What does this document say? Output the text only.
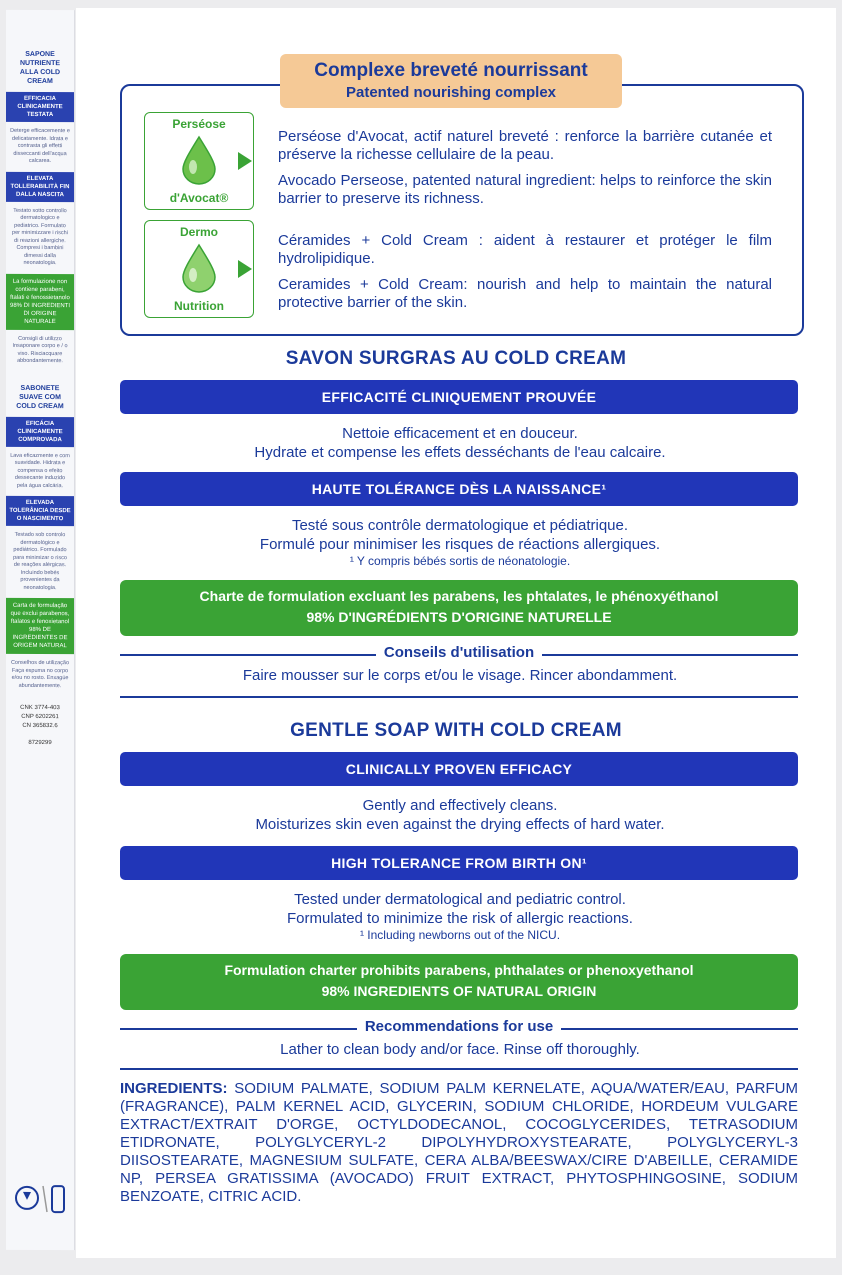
SAPONE NUTRIENTE ALLA COLD CREAM
EFFICACIA CLINICAMENTE TESTATA
Deterge efficacemente e delicatamente. Idrata e contrasta gli effetti disseccanti dell'acqua calcarea.
ELEVATA TOLLERABILITÀ FIN DALLA NASCITA
Testato sotto controllo dermatologico e pediatrico. Formulato per minimizzare i rischi di reazioni allergiche. Compresi i bambini dimessi dalla neonatologia.
La formulazione non contiene parabeni, ftalati e fenossietanolo 98% DI INGREDIENTI DI ORIGINE NATURALE
Consigli di utilizzo Insaponare corpo e / o viso. Risciacquare abbondantemente.
SABONETE SUAVE COM COLD CREAM
EFICÁCIA CLINICAMENTE COMPROVADA
Lava eficazmente e com suavidade. Hidrata e compensa o efeito dessecante induzido pela água calcária.
ELEVADA TOLERÂNCIA DESDE O NASCIMENTO
Testado sob controlo dermatológico e pediátrico. Formulado para minimizar o risco de reações alérgicas. Incluindo bebés provenientes da neonatologia.
Carta de formulação que exclui parabenos, ftalatos e fenoxietanol 98% DE INGREDIENTES DE ORIGEM NATURAL
Conselhos de utilização Faça espuma no corpo e/ou no rosto. Enxagúe abundantemente.
CNK 3774-403
CNP 6202261
CN 365832.6
8729299
Complexe breveté nourrissant
Patented nourishing complex
Perséose
d'Avocat®
Dermo
Nutrition
Perséose d'Avocat, actif naturel breveté : renforce la barrière cutanée et préserve la richesse cellulaire de la peau.
Avocado Perseose, patented natural ingredient: helps to reinforce the skin barrier to preserve its richness.
Céramides + Cold Cream : aident à restaurer et protéger le film hydrolipidique.
Ceramides + Cold Cream: nourish and help to maintain the natural protective barrier of the skin.
SAVON SURGRAS AU COLD CREAM
EFFICACITÉ CLINIQUEMENT PROUVÉE
Nettoie efficacement et en douceur.
Hydrate et compense les effets desséchants de l'eau calcaire.
HAUTE TOLÉRANCE DÈS LA NAISSANCE¹
Testé sous contrôle dermatologique et pédiatrique.
Formulé pour minimiser les risques de réactions allergiques.
¹ Y compris bébés sortis de néonatologie.
Charte de formulation excluant les parabens, les phtalates, le phénoxyéthanol
98% D'INGRÉDIENTS D'ORIGINE NATURELLE
Conseils d'utilisation
Faire mousser sur le corps et/ou le visage. Rincer abondamment.
GENTLE SOAP WITH COLD CREAM
CLINICALLY PROVEN EFFICACY
Gently and effectively cleans.
Moisturizes skin even against the drying effects of hard water.
HIGH TOLERANCE FROM BIRTH ON¹
Tested under dermatological and pediatric control.
Formulated to minimize the risk of allergic reactions.
¹ Including newborns out of the NICU.
Formulation charter prohibits parabens, phthalates or phenoxyethanol
98% INGREDIENTS OF NATURAL ORIGIN
Recommendations for use
Lather to clean body and/or face. Rinse off thoroughly.
INGREDIENTS: SODIUM PALMATE, SODIUM PALM KERNELATE, AQUA/WATER/EAU, PARFUM (FRAGRANCE), PALM KERNEL ACID, GLYCERIN, SODIUM CHLORIDE, HORDEUM VULGARE EXTRACT/EXTRAIT D'ORGE, OCTYLDODECANOL, COCOGLYCERIDES, TETRASODIUM ETIDRONATE, POLYGLYCERYL-2 DIPOLYHYDROXYSTEARATE, POLYGLYCERYL-3 DIISOSTEARATE, MAGNESIUM SULFATE, CERA ALBA/BEESWAX/CIRE D'ABEILLE, CERAMIDE NP, PERSEA GRATISSIMA (AVOCADO) FRUIT EXTRACT, PHYTOSPHINGOSINE, SODIUM BENZOATE, CITRIC ACID.
